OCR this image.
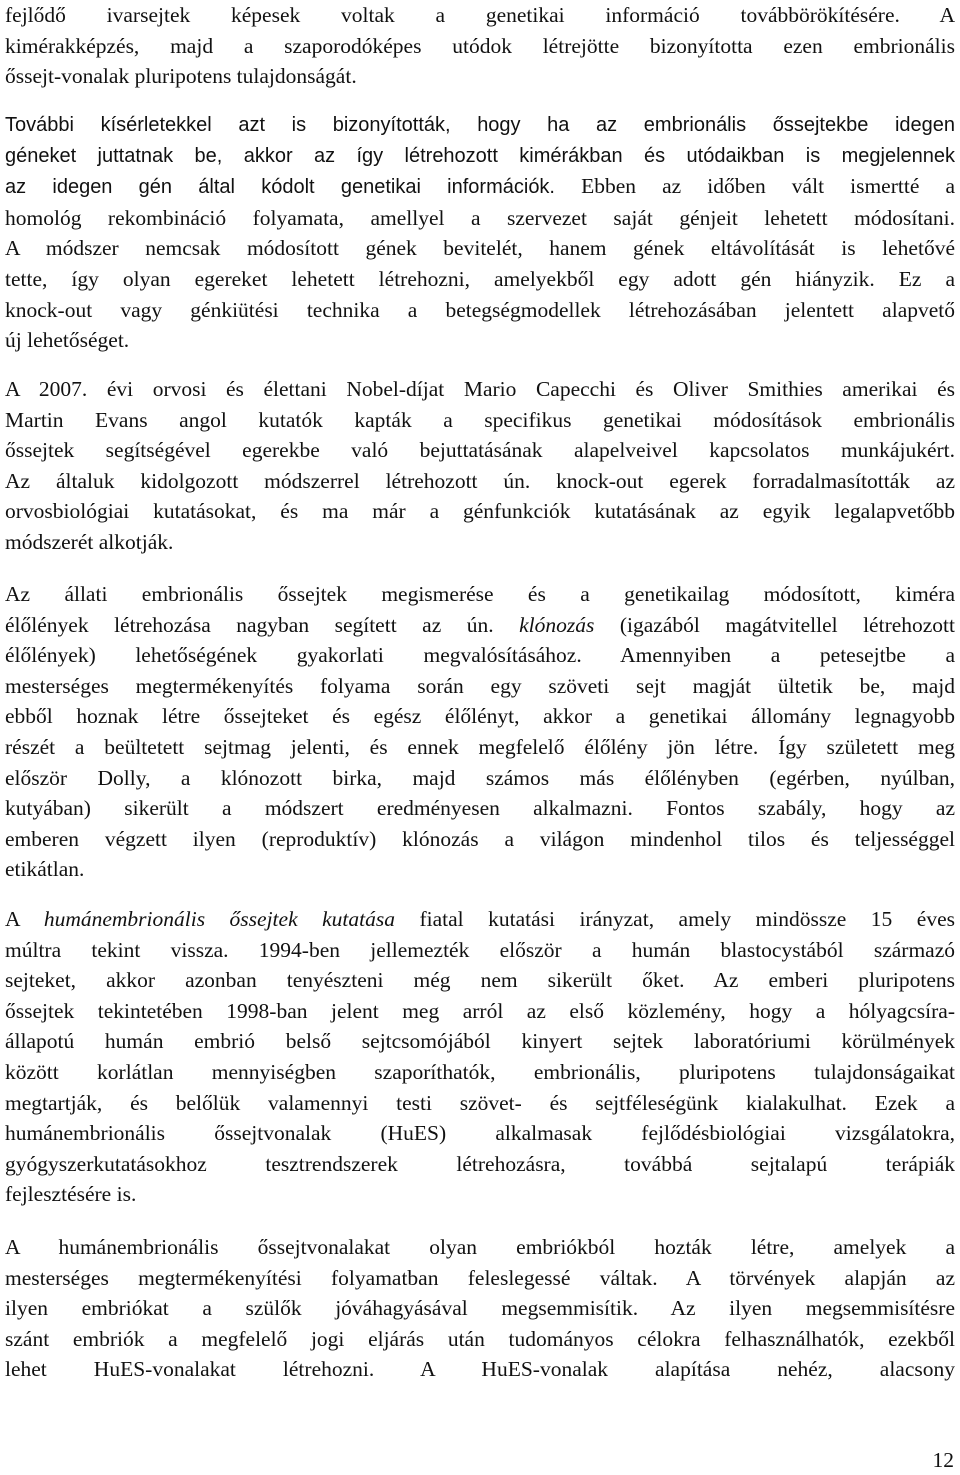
fejlődő ivarsejtek képesek voltak a genetikai információ továbbörökítésére. A
kimérakképzés, majd a szaporodóképes utódok létrejötte bizonyította ezen embrionális
őssejt-vonalak pluripotens tulajdonságát.
További kísérletekkel azt is bizonyították, hogy ha az embrionális őssejtekbe idegen
géneket juttatnak be, akkor az így létrehozott kimérákban és utódaikban is megjelennek
az idegen gén által kódolt genetikai információk. Ebben az időben vált ismertté a
homológ rekombináció folyamata, amellyel a szervezet saját génjeit lehetett módosítani.
A módszer nemcsak módosított gének bevitelét, hanem gének eltávolítását is lehetővé
tette, így olyan egereket lehetett létrehozni, amelyekből egy adott gén hiányzik. Ez a
knock-out vagy génkiütési technika a betegségmodellek létrehozásában jelentett alapvető
új lehetőséget.
A 2007. évi orvosi és élettani Nobel-díjat Mario Capecchi és Oliver Smithies amerikai és
Martin Evans angol kutatók kapták a specifikus genetikai módosítások embrionális
őssejtek segítségével egerekbe való bejuttatásának alapelveivel kapcsolatos munkájukért.
Az általuk kidolgozott módszerrel létrehozott ún. knock-out egerek forradalmasították az
orvosbiológiai kutatásokat, és ma már a génfunkciók kutatásának az egyik legalapvetőbb
módszerét alkotják.
Az állati embrionális őssejtek megismerése és a genetikailag módosított, kiméra
élőlények létrehozása nagyban segített az ún. klónozás (igazából magátvitellel létrehozott
élőlények) lehetőségének gyakorlati megvalósításához. Amennyiben a petesejtbe a
mesterséges megtermékenyítés folyama során egy szöveti sejt magját ültetik be, majd
ebből hoznak létre őssejteket és egész élőlényt, akkor a genetikai állomány legnagyobb
részét a beültetett sejtmag jelenti, és ennek megfelelő élőlény jön létre. Így született meg
először Dolly, a klónozott birka, majd számos más élőlényben (egérben, nyúlban,
kutyában) sikerült a módszert eredményesen alkalmazni. Fontos szabály, hogy az
emberen végzett ilyen (reproduktív) klónozás a világon mindenhol tilos és teljességgel
etikátlan.
A humánembrionális őssejtek kutatása fiatal kutatási irányzat, amely mindössze 15 éves
múltra tekint vissza. 1994-ben jellemezték először a humán blastocystából származó
sejteket, akkor azonban tenyészteni még nem sikerült őket. Az emberi pluripotens
őssejtek tekintetében 1998-ban jelent meg arról az első közlemény, hogy a hólyagcsíra-
állapotú humán embrió belső sejtcsomójából kinyert sejtek laboratóriumi körülmények
között korlátlan mennyiségben szaporíthatók, embrionális, pluripotens tulajdonságaikat
megtartják, és belőlük valamennyi testi szövet- és sejtféleségünk kialakulhat. Ezek a
humánembrionális őssejtvonalak (HuES) alkalmasak fejlődésbiológiai vizsgálatokra,
gyógyszerkutatásokhoz tesztrendszerek létrehozásra, továbbá sejtalapú terápiák
fejlesztésére is.
A humánembrionális őssejtvonalakat olyan embriókból hozták létre, amelyek a
mesterséges megtermékenyítési folyamatban feleslegessé váltak. A törvények alapján az
ilyen embriókat a szülők jóváhagyásával megsemmisítik. Az ilyen megsemmisítésre
szánt embriók a megfelelő jogi eljárás után tudományos célokra felhasználhatók, ezekből
lehet HuES-vonalakat létrehozni. A HuES-vonalak alapítása nehéz, alacsony
12
